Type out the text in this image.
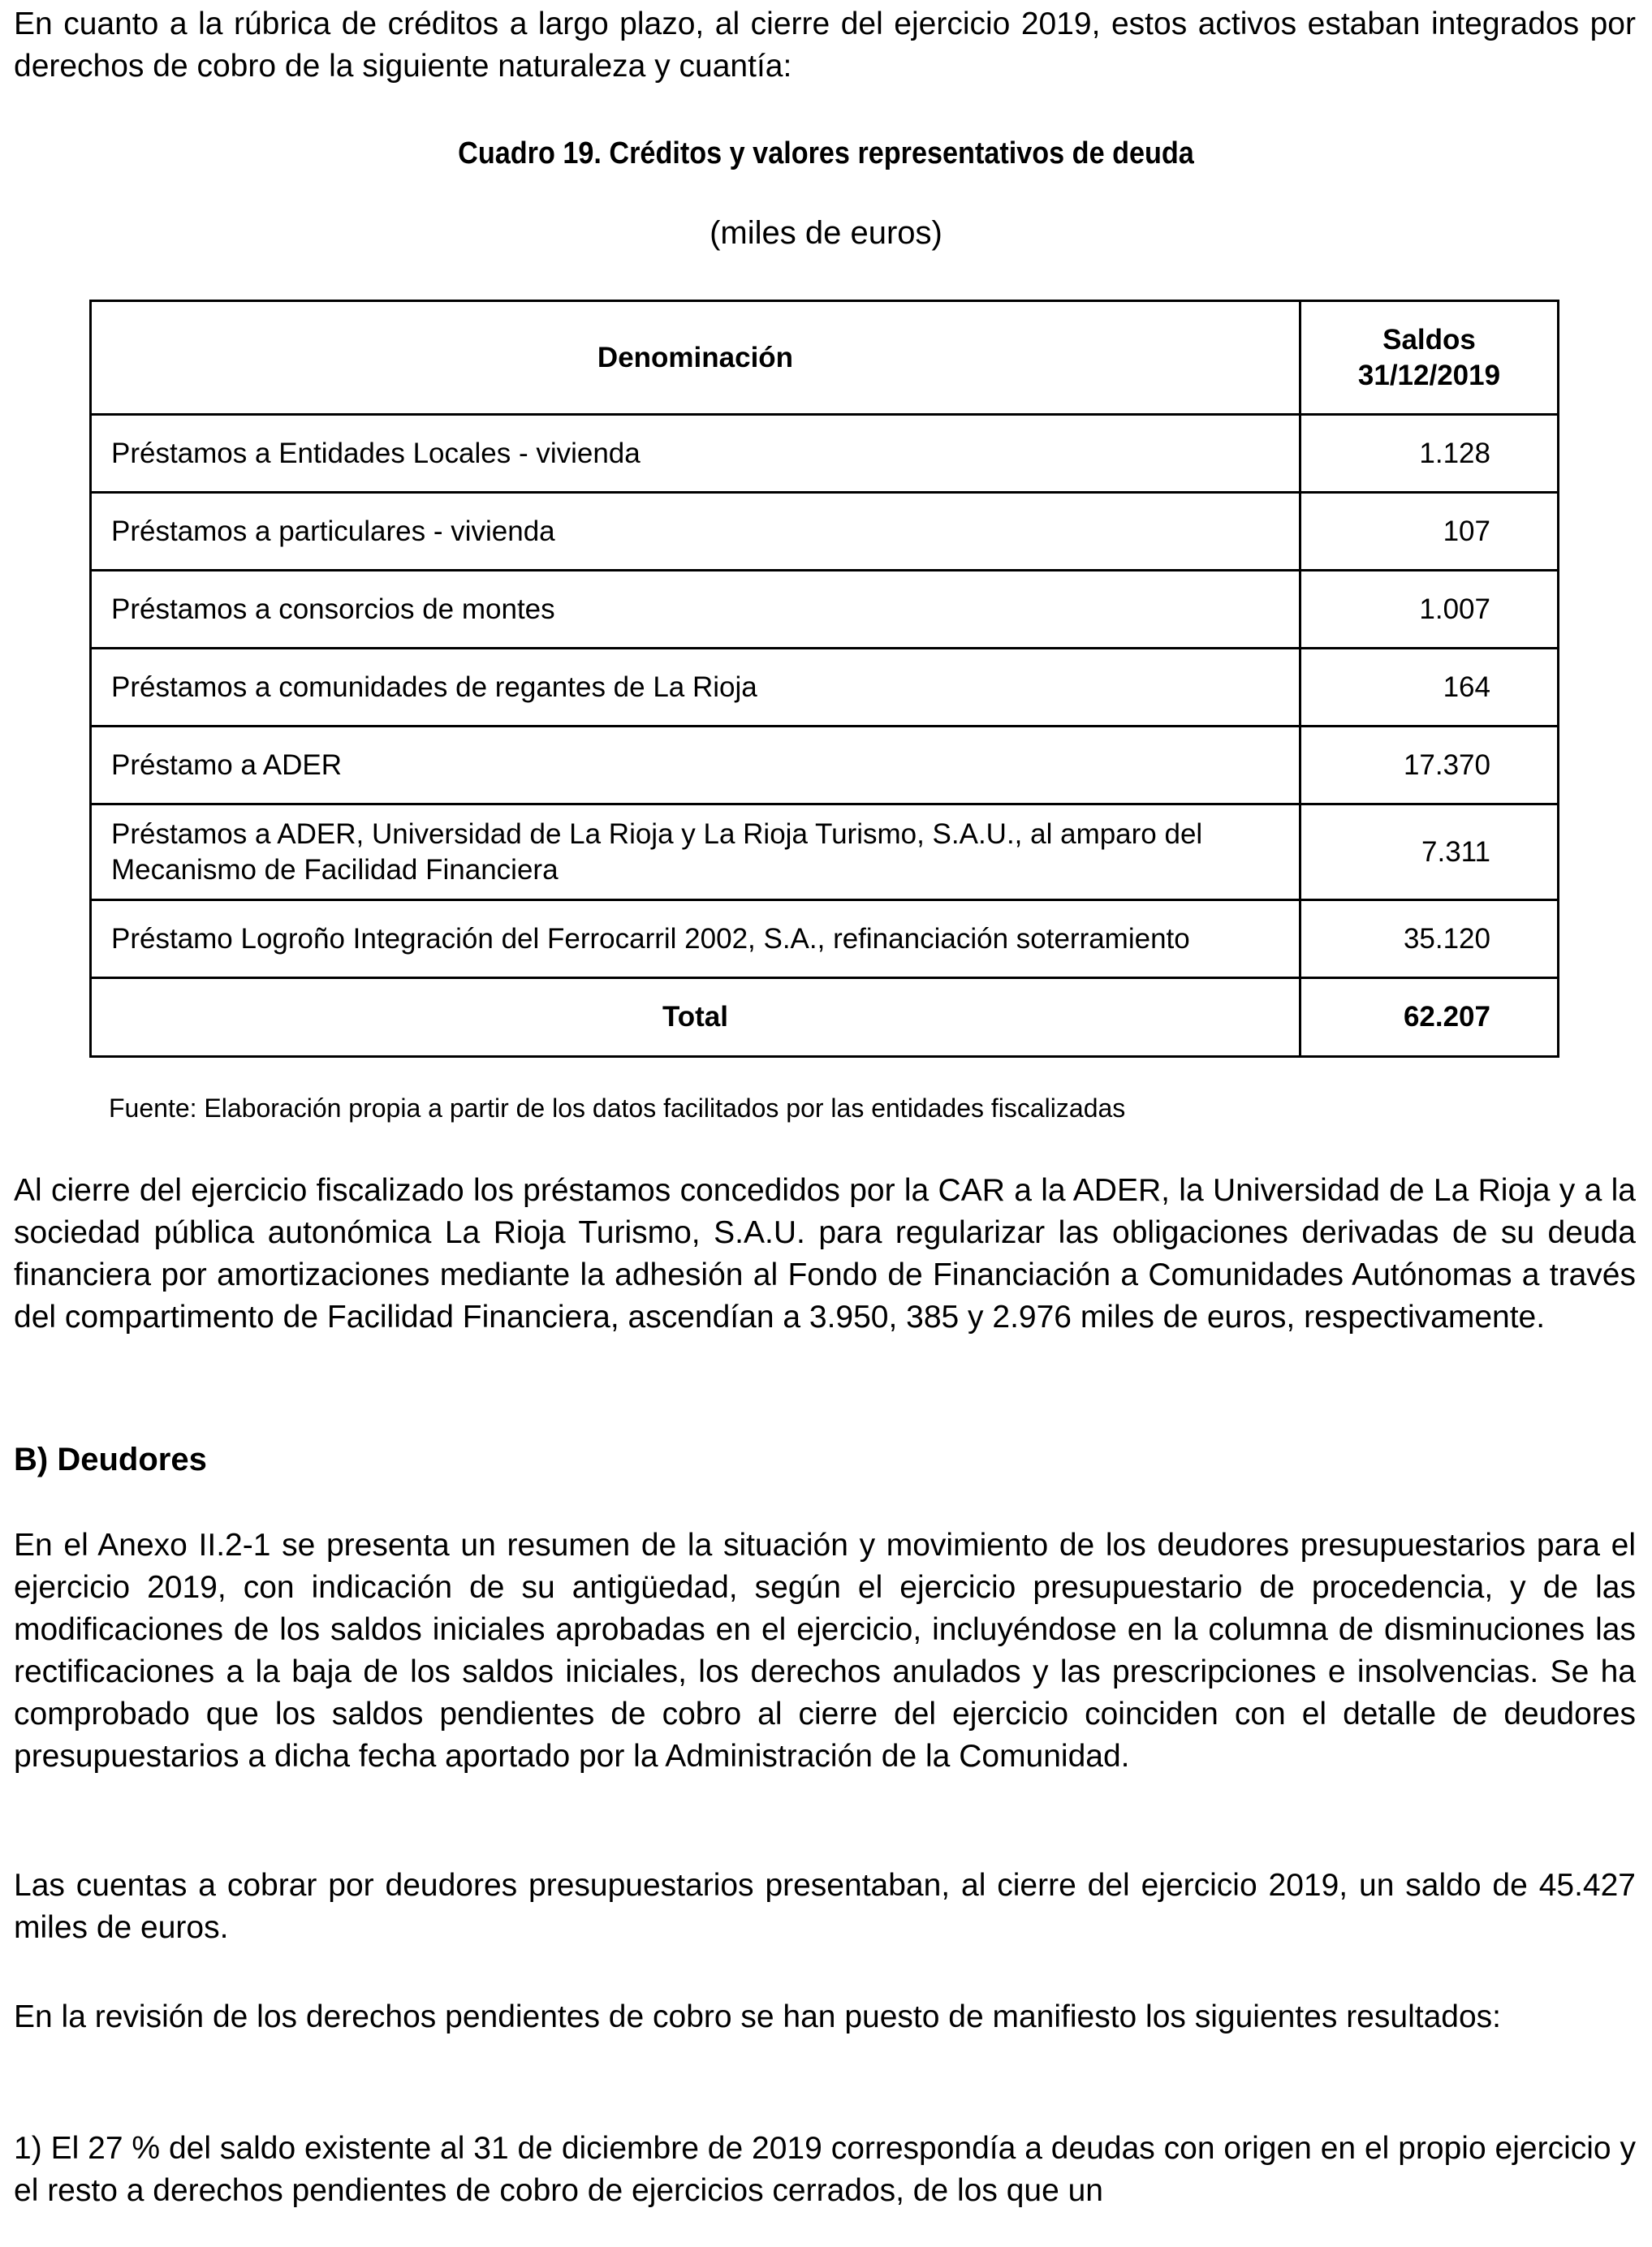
En cuanto a la rúbrica de créditos a largo plazo, al cierre del ejercicio 2019, estos activos estaban integrados por derechos de cobro de la siguiente naturaleza y cuantía:

Cuadro 19. Créditos y valores representativos de deuda

(miles de euros)

Denominación	Saldos 31/12/2019
Préstamos a Entidades Locales - vivienda	1.128
Préstamos a particulares - vivienda	107
Préstamos a consorcios de montes	1.007
Préstamos a comunidades de regantes de La Rioja	164
Préstamo a ADER	17.370
Préstamos a ADER, Universidad de La Rioja y La Rioja Turismo, S.A.U., al amparo del Mecanismo de Facilidad Financiera	7.311
Préstamo Logroño Integración del Ferrocarril 2002, S.A., refinanciación soterramiento	35.120
Total	62.207

Fuente: Elaboración propia a partir de los datos facilitados por las entidades fiscalizadas

Al cierre del ejercicio fiscalizado los préstamos concedidos por la CAR a la ADER, la Universidad de La Rioja y a la sociedad pública autonómica La Rioja Turismo, S.A.U. para regularizar las obligaciones derivadas de su deuda financiera por amortizaciones mediante la adhesión al Fondo de Financiación a Comunidades Autónomas a través del compartimento de Facilidad Financiera, ascendían a 3.950, 385 y 2.976 miles de euros, respectivamente.

B) Deudores

En el Anexo II.2-1 se presenta un resumen de la situación y movimiento de los deudores presupuestarios para el ejercicio 2019, con indicación de su antigüedad, según el ejercicio presupuestario de procedencia, y de las modificaciones de los saldos iniciales aprobadas en el ejercicio, incluyéndose en la columna de disminuciones las rectificaciones a la baja de los saldos iniciales, los derechos anulados y las prescripciones e insolvencias. Se ha comprobado que los saldos pendientes de cobro al cierre del ejercicio coinciden con el detalle de deudores presupuestarios a dicha fecha aportado por la Administración de la Comunidad.

Las cuentas a cobrar por deudores presupuestarios presentaban, al cierre del ejercicio 2019, un saldo de 45.427 miles de euros.

En la revisión de los derechos pendientes de cobro se han puesto de manifiesto los siguientes resultados:

1) El 27 % del saldo existente al 31 de diciembre de 2019 correspondía a deudas con origen en el propio ejercicio y el resto a derechos pendientes de cobro de ejercicios cerrados, de los que un
